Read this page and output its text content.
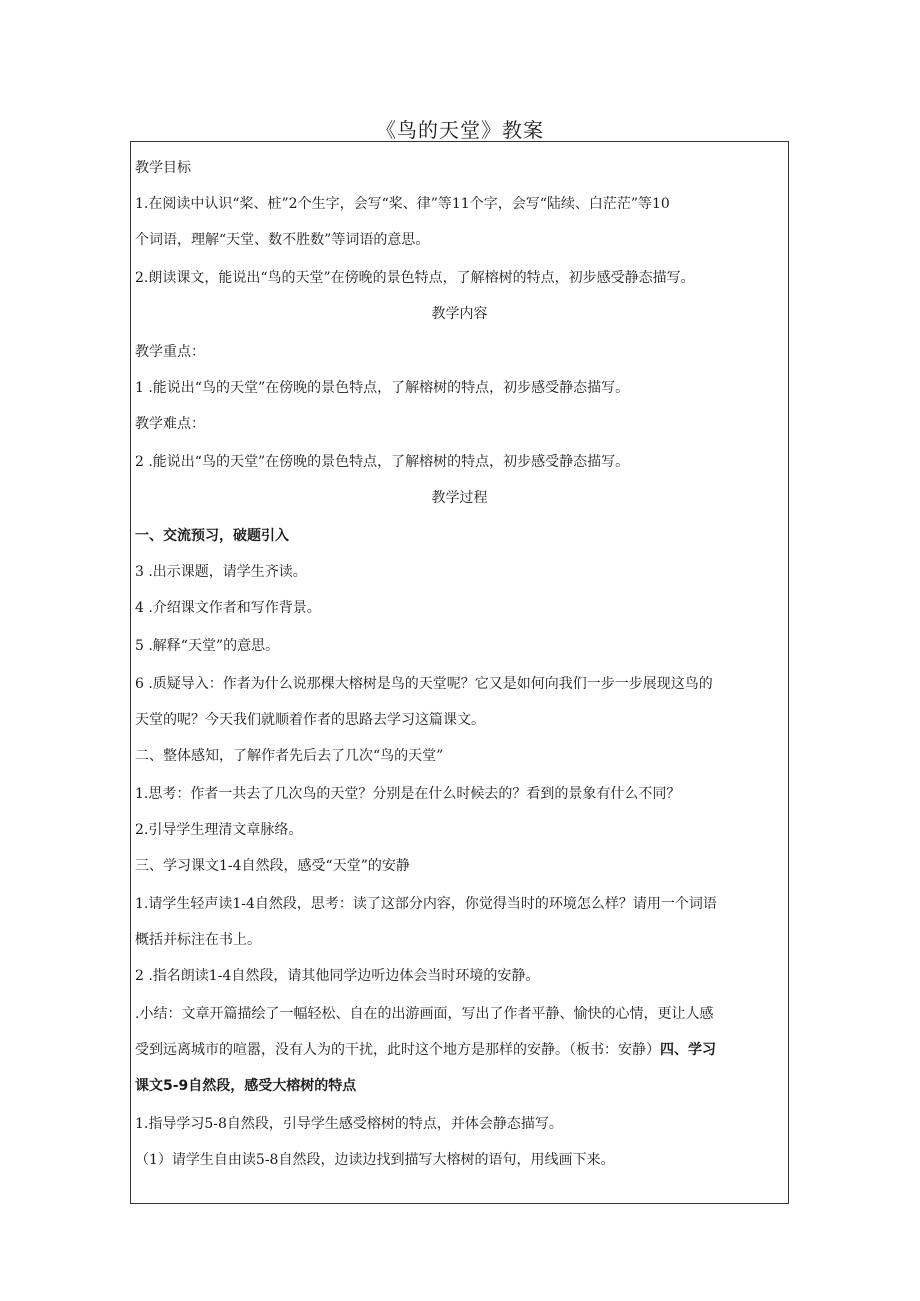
《鸟的天堂》教案
教学目标
1.在阅读中认识“桨、桩”2个生字，会写“桨、律”等11个字，会写“陆续、白茫茫”等10
个词语，理解“天堂、数不胜数”等词语的意思。
2.朗读课文，能说出“鸟的天堂”在傍晚的景色特点，了解榕树的特点，初步感受静态描写。
教学内容
教学重点：
1 .能说出“鸟的天堂”在傍晚的景色特点，了解榕树的特点，初步感受静态描写。
教学难点：
2 .能说出“鸟的天堂”在傍晚的景色特点，了解榕树的特点，初步感受静态描写。
教学过程
一、交流预习，破题引入
3 .出示课题，请学生齐读。
4 .介绍课文作者和写作背景。
5 .解释“天堂”的意思。
6 .质疑导入：作者为什么说那棵大榕树是鸟的天堂呢？它又是如何向我们一步一步展现这鸟的
天堂的呢？今天我们就顺着作者的思路去学习这篇课文。
二、整体感知，了解作者先后去了几次“鸟的天堂”
1.思考：作者一共去了几次鸟的天堂？分别是在什么时候去的？看到的景象有什么不同？
2.引导学生理清文章脉络。
三、学习课文1-4自然段，感受“天堂”的安静
1.请学生轻声读1-4自然段，思考：读了这部分内容，你觉得当时的环境怎么样？请用一个词语
概括并标注在书上。
2 .指名朗读1-4自然段，请其他同学边听边体会当时环境的安静。
.小结：文章开篇描绘了一幅轻松、自在的出游画面，写出了作者平静、愉快的心情，更让人感
受到远离城市的喧嚣，没有人为的干扰，此时这个地方是那样的安静。（板书：安静）四、学习
课文5-9自然段，感受大榕树的特点
1.指导学习5-8自然段，引导学生感受榕树的特点，并体会静态描写。
（1）请学生自由读5-8自然段，边读边找到描写大榕树的语句，用线画下来。
